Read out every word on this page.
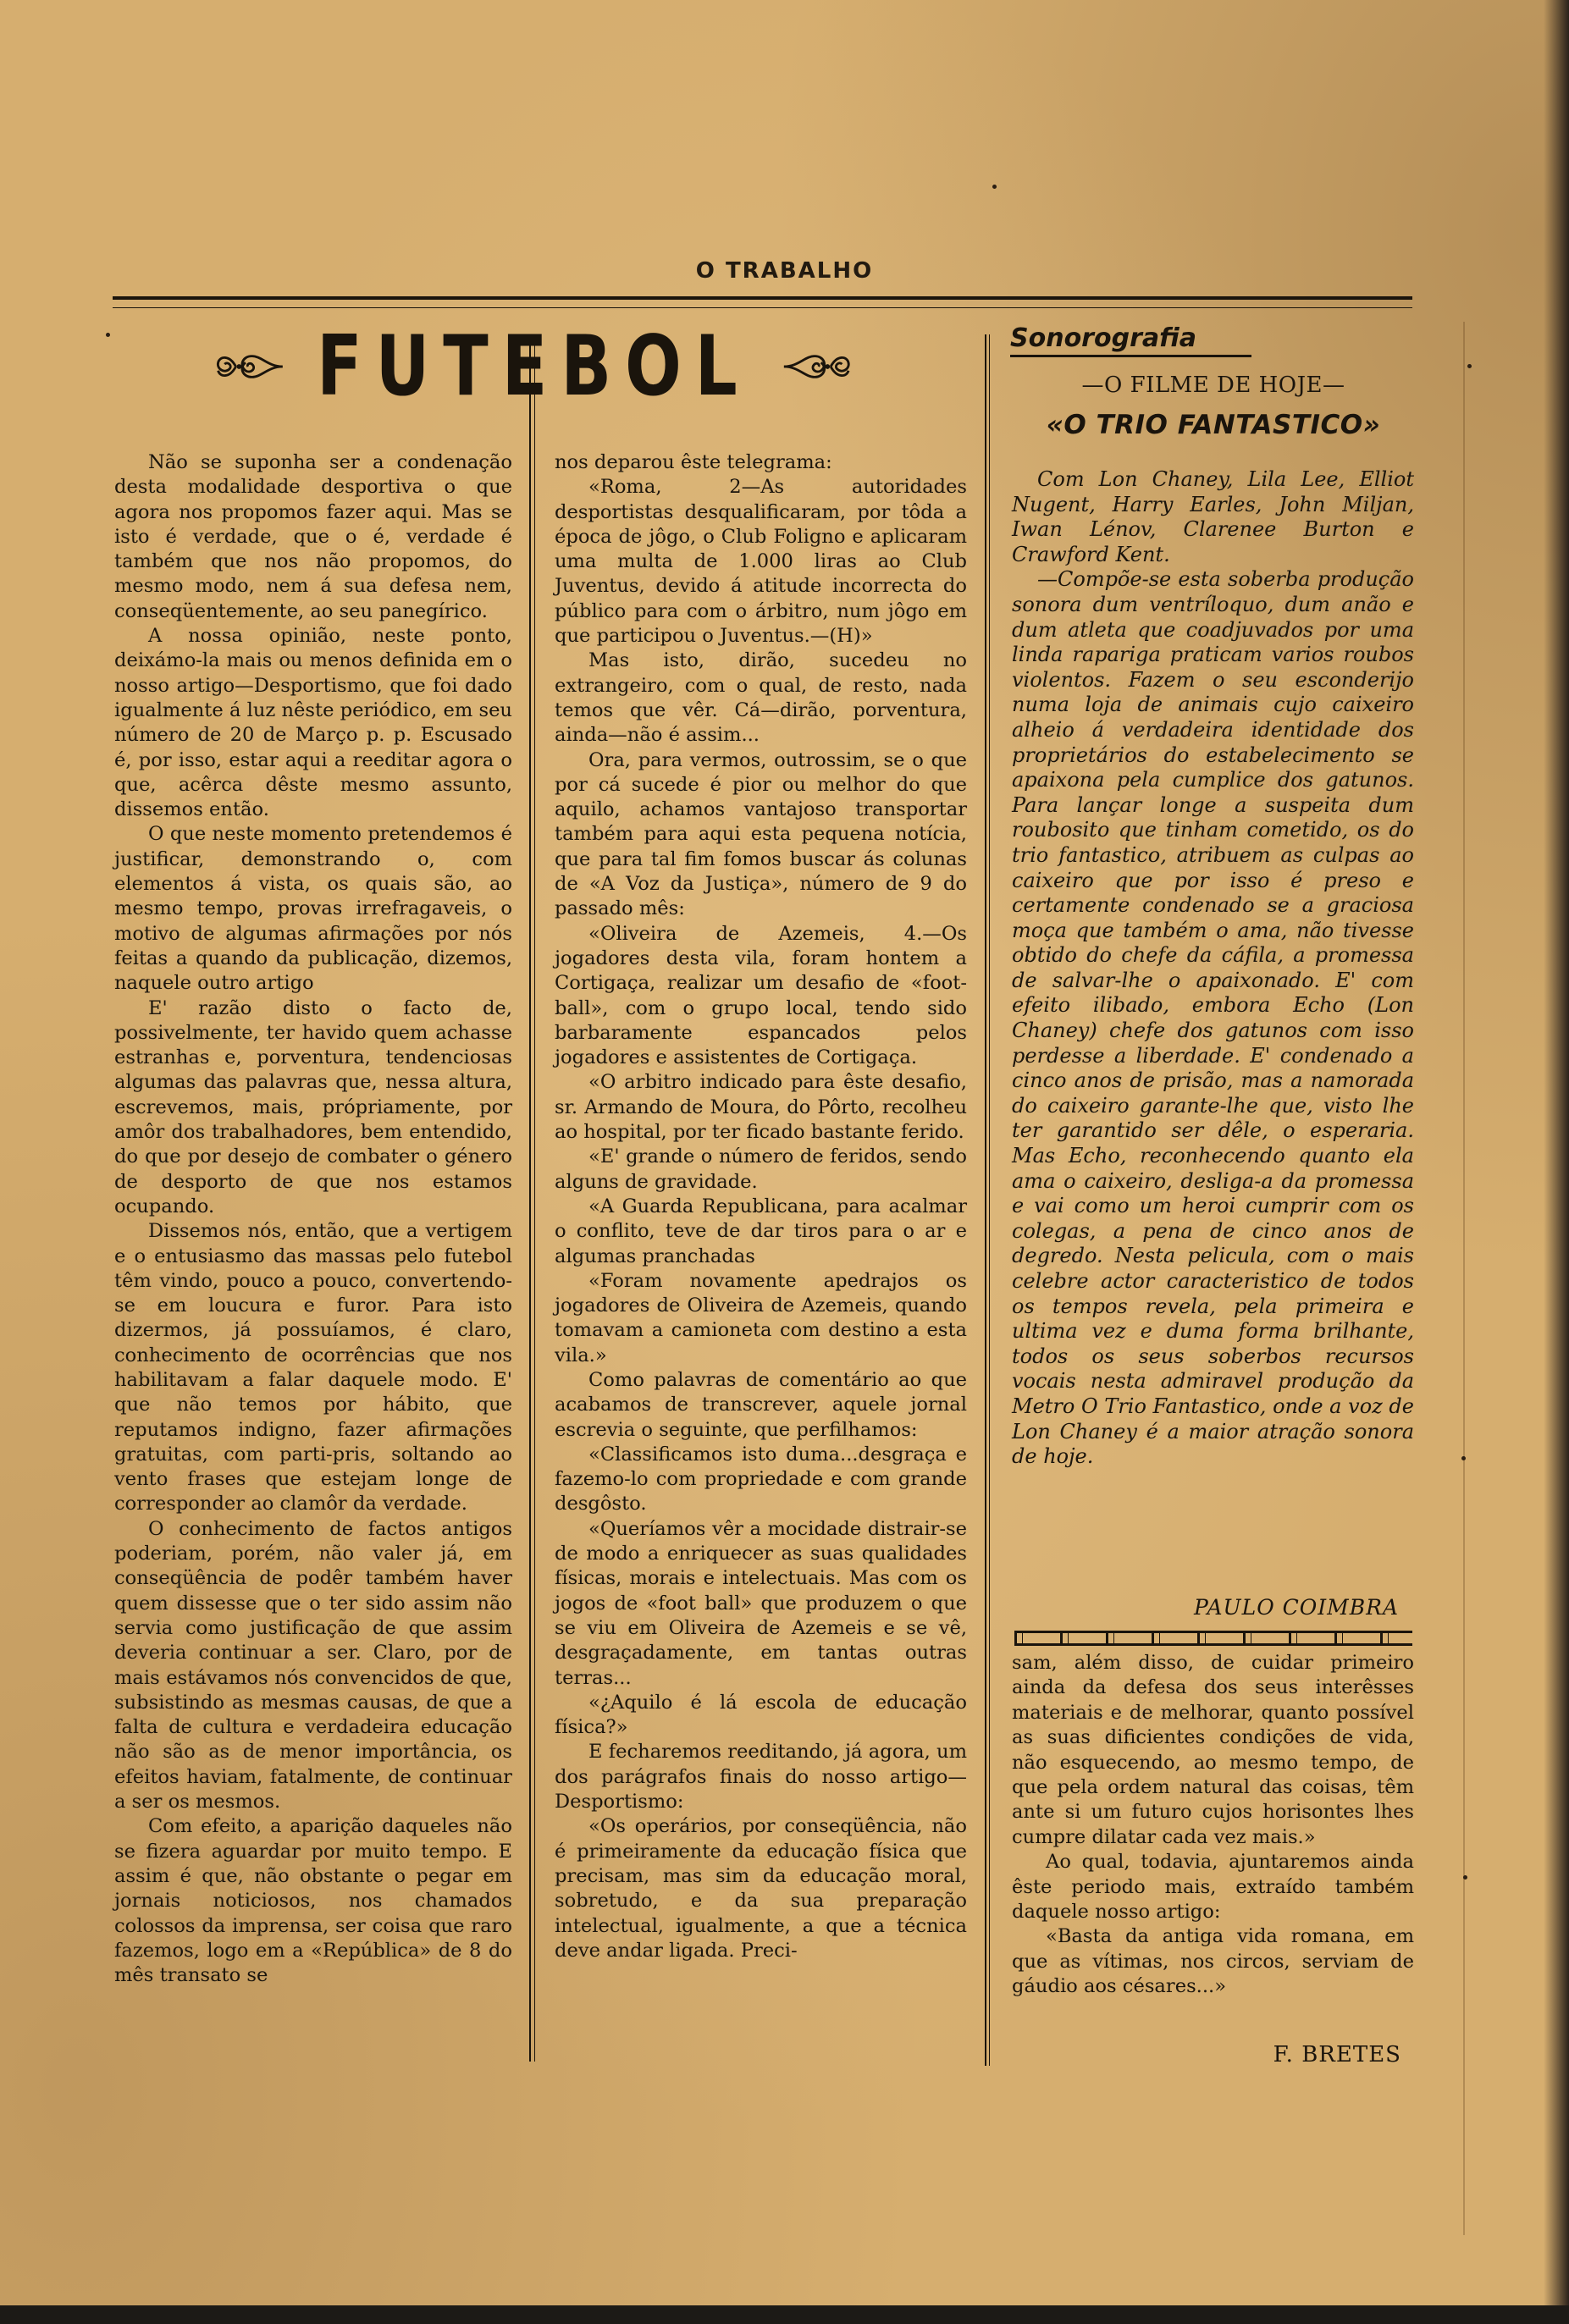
O TRABALHO
FUTEBOL

Não se suponha ser a condenação desta modalidade desportiva o que agora nos propomos fazer aqui. Mas se isto é verdade, que o é, verdade é também que nos não propomos, do mesmo modo, nem á sua defesa nem, conseqüentemente, ao seu panegírico.

A nossa opinião, neste ponto, deixámo-la mais ou menos definida em o nosso artigo—Desportismo, que foi dado igualmente á luz nêste periódico, em seu número de 20 de Março p. p. Escusado é, por isso, estar aqui a reeditar agora o que, acêrca dêste mesmo assunto, dissemos então.

O que neste momento pretendemos é justificar, demonstrando o, com elementos á vista, os quais são, ao mesmo tempo, provas irrefragaveis, o motivo de algumas afirmações por nós feitas a quando da publicação, dizemos, naquele outro artigo

E' razão disto o facto de, possivelmente, ter havido quem achasse estranhas e, porventura, tendenciosas algumas das palavras que, nessa altura, escrevemos, mais, própriamente, por amôr dos trabalhadores, bem entendido, do que por desejo de combater o género de desporto de que nos estamos ocupando.

Dissemos nós, então, que a vertigem e o entusiasmo das massas pelo futebol têm vindo, pouco a pouco, convertendo-se em loucura e furor. Para isto dizermos, já possuíamos, é claro, conhecimento de ocorrências que nos habilitavam a falar daquele modo. E' que não temos por hábito, que reputamos indigno, fazer afirmações gratuitas, com parti-pris, soltando ao vento frases que estejam longe de corresponder ao clamôr da verdade.

O conhecimento de factos antigos poderiam, porém, não valer já, em conseqüência de podêr também haver quem dissesse que o ter sido assim não servia como justificação de que assim deveria continuar a ser. Claro, por de mais estávamos nós convencidos de que, subsistindo as mesmas causas, de que a falta de cultura e verdadeira educação não são as de menor importância, os efeitos haviam, fatalmente, de continuar a ser os mesmos.

Com efeito, a aparição daqueles não se fizera aguardar por muito tempo. E assim é que, não obstante o pegar em jornais noticiosos, nos chamados colossos da imprensa, ser coisa que raro fazemos, logo em a «República» de 8 do mês transato se

nos deparou êste telegrama:

«Roma, 2—As autoridades desportistas desqualificaram, por tôda a época de jôgo, o Club Foligno e aplicaram uma multa de 1.000 liras ao Club Juventus, devido á atitude incorrecta do público para com o árbitro, num jôgo em que participou o Juventus.—(H)»

Mas isto, dirão, sucedeu no extrangeiro, com o qual, de resto, nada temos que vêr. Cá—dirão, porventura, ainda—não é assim...

Ora, para vermos, outrossim, se o que por cá sucede é pior ou melhor do que aquilo, achamos vantajoso transportar também para aqui esta pequena notícia, que para tal fim fomos buscar ás colunas de «A Voz da Justiça», número de 9 do passado mês:

«Oliveira de Azemeis, 4.—Os jogadores desta vila, foram hontem a Cortigaça, realizar um desafio de «foot-ball», com o grupo local, tendo sido barbaramente espancados pelos jogadores e assistentes de Cortigaça.

«O arbitro indicado para êste desafio, sr. Armando de Moura, do Pôrto, recolheu ao hospital, por ter ficado bastante ferido.

«E' grande o número de feridos, sendo alguns de gravidade.

«A Guarda Republicana, para acalmar o conflito, teve de dar tiros para o ar e algumas pranchadas

«Foram novamente apedrajos os jogadores de Oliveira de Azemeis, quando tomavam a camioneta com destino a esta vila.»

Como palavras de comentário ao que acabamos de transcrever, aquele jornal escrevia o seguinte, que perfilhamos:

«Classificamos isto duma...desgraça e fazemo-lo com propriedade e com grande desgôsto.

«Queríamos vêr a mocidade distrair-se de modo a enriquecer as suas qualidades físicas, morais e intelectuais. Mas com os jogos de «foot ball» que produzem o que se viu em Oliveira de Azemeis e se vê, desgraçadamente, em tantas outras terras...

«¿Aquilo é lá escola de educação física?»

E fecharemos reeditando, já agora, um dos parágrafos finais do nosso artigo—Desportismo:

«Os operários, por conseqüência, não é primeiramente da educação física que precisam, mas sim da educação moral, sobretudo, e da sua preparação intelectual, igualmente, a que a técnica deve andar ligada. Preci-

Sonorografia
—O FILME DE HOJE—
«O TRIO FANTASTICO»

Com Lon Chaney, Lila Lee, Elliot Nugent, Harry Earles, John Miljan, Iwan Lénov, Clarenee Burton e Crawford Kent.

—Compõe-se esta soberba produção sonora dum ventríloquo, dum anão e dum atleta que coadjuvados por uma linda rapariga praticam varios roubos violentos. Fazem o seu esconderijo numa loja de animais cujo caixeiro alheio á verdadeira identidade dos proprietários do estabelecimento se apaixona pela cumplice dos gatunos. Para lançar longe a suspeita dum roubosito que tinham cometido, os do trio fantastico, atribuem as culpas ao caixeiro que por isso é preso e certamente condenado se a graciosa moça que também o ama, não tivesse obtido do chefe da cáfila, a promessa de salvar-lhe o apaixonado. E' com efeito ilibado, embora Echo (Lon Chaney) chefe dos gatunos com isso perdesse a liberdade. E' condenado a cinco anos de prisão, mas a namorada do caixeiro garante-lhe que, visto lhe ter garantido ser dêle, o esperaria. Mas Echo, reconhecendo quanto ela ama o caixeiro, desliga-a da promessa e vai como um heroi cumprir com os colegas, a pena de cinco anos de degredo. Nesta pelicula, com o mais celebre actor caracteristico de todos os tempos revela, pela primeira e ultima vez e duma forma brilhante, todos os seus soberbos recursos vocais nesta admiravel produção da Metro O Trio Fantastico, onde a voz de Lon Chaney é a maior atração sonora de hoje.

PAULO COIMBRA

sam, além disso, de cuidar primeiro ainda da defesa dos seus interêsses materiais e de melhorar, quanto possível as suas dificientes condições de vida, não esquecendo, ao mesmo tempo, de que pela ordem natural das coisas, têm ante si um futuro cujos horisontes lhes cumpre dilatar cada vez mais.»

Ao qual, todavia, ajuntaremos ainda êste periodo mais, extraído também daquele nosso artigo:

«Basta da antiga vida romana, em que as vítimas, nos circos, serviam de gáudio aos césares...»

F. BRETES
